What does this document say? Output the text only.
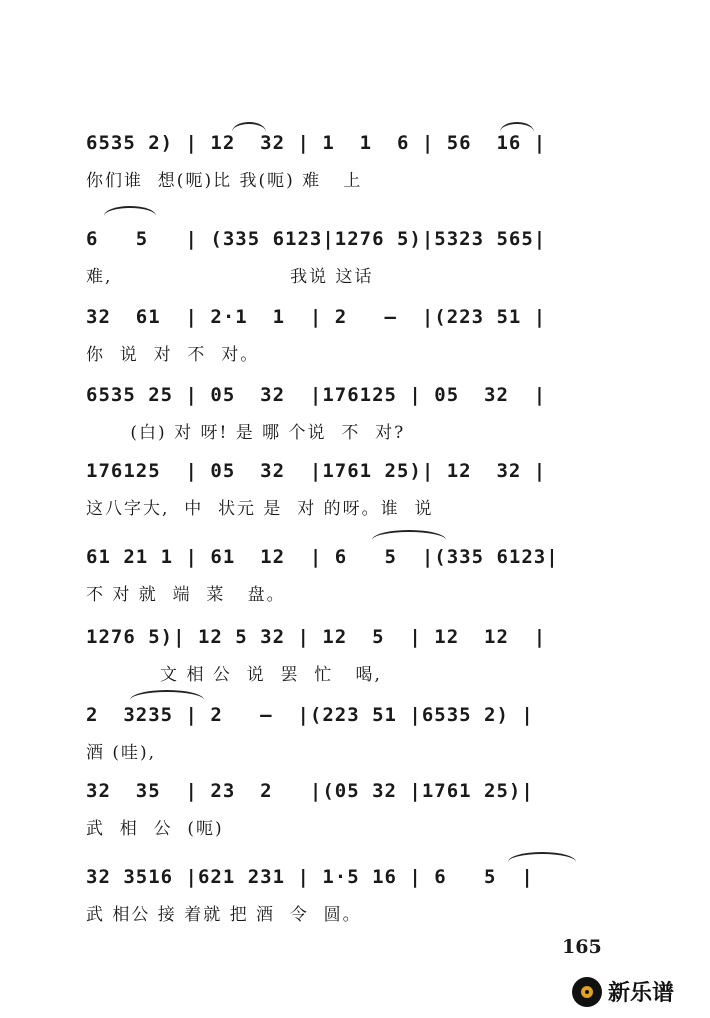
6535 2) | 12  32 | 1  1  6 | 56  16 |
你们谁  想(呃)比 我(呃) 难   上
6   5   | (335 6123|1276 5)|5323 565|
难,                        我说 这话
32  61  | 2·1  1  | 2   —  |(223 51 |
你  说  对  不  对。
6535 25 | 05  32  |176125 | 05  32  |
(白) 对 呀! 是 哪 个说  不  对?
176125  | 05  32  |1761 25)| 12  32 |
这八字大,  中  状元 是  对 的呀。谁  说
61 21 1 | 61  12  | 6   5  |(335 6123|
不 对 就  端  菜   盘。
1276 5)| 12 5 32 | 12  5  | 12  12  |
文 相 公  说  罢  忙   喝,
2  3235 | 2   —  |(223 51 |6535 2) |
酒 (哇),
32  35  | 23  2   |(05 32 |1761 25)|
武  相  公  (呃)
32 3516 |621 231 | 1·5 16 | 6   5  |
武 相公 接 着就 把 酒  令  圆。
165
新乐谱
